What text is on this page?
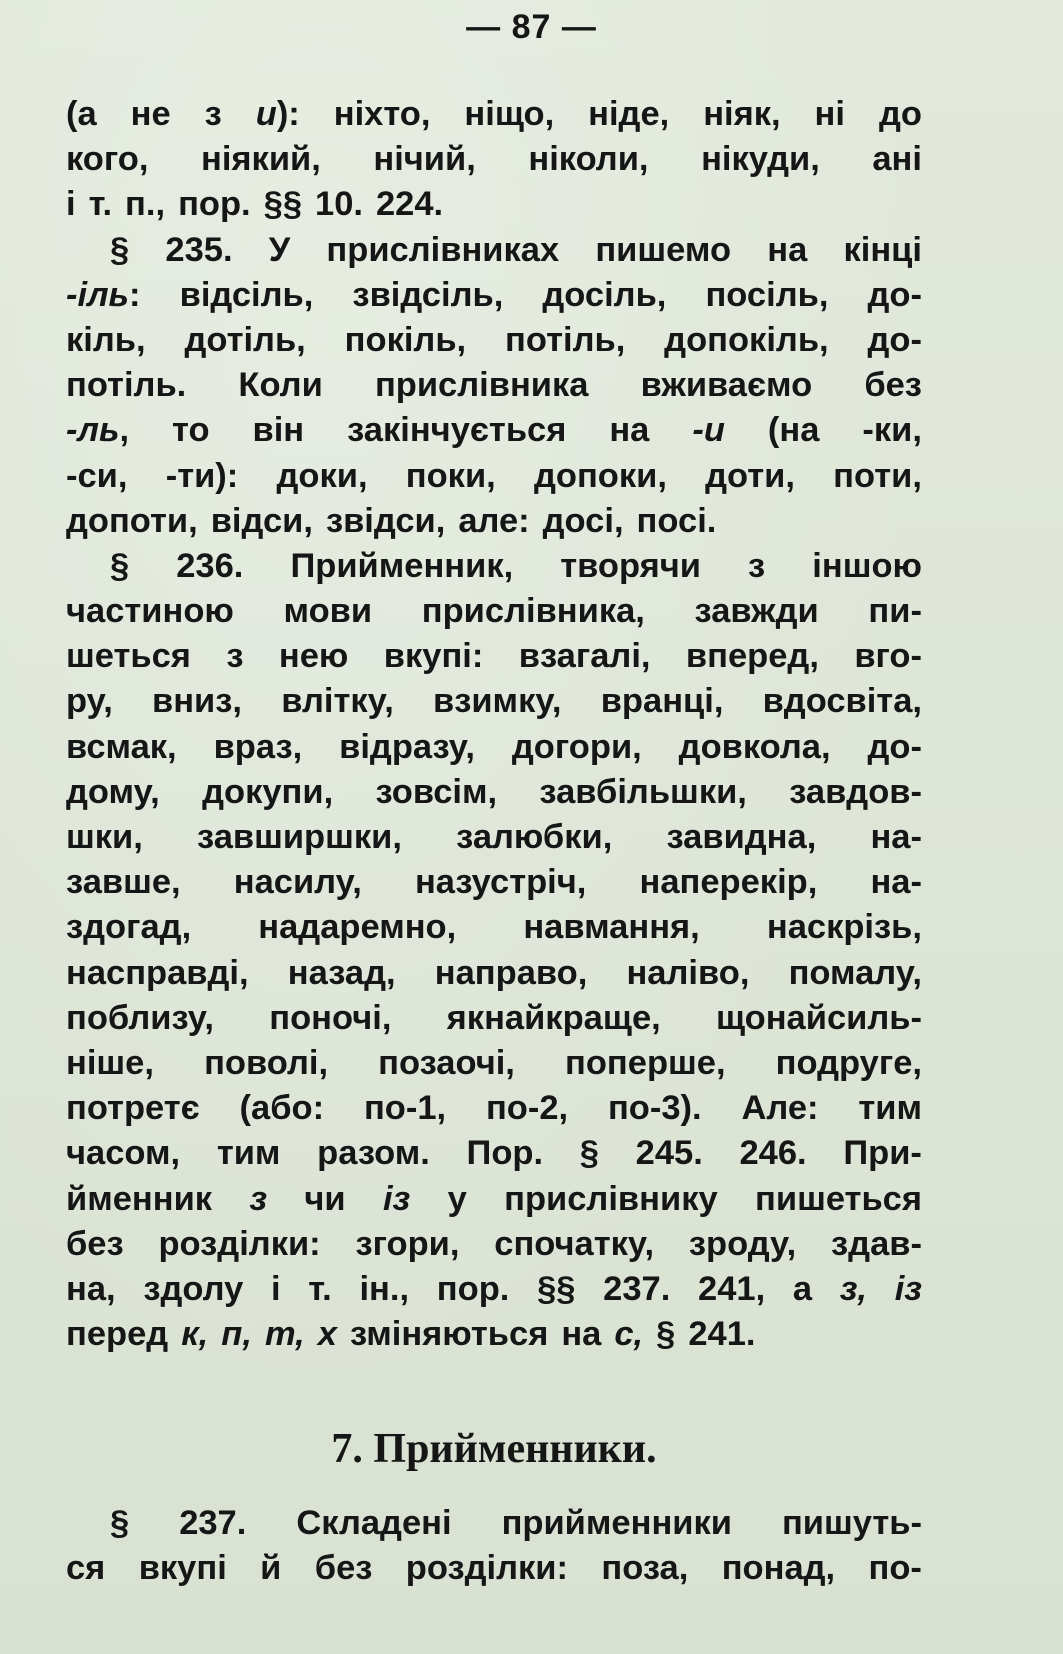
— 87 —
(а не з и): ніхто, нiщо, ніде, ніяк, ні до
кого, ніякий, нічий, ніколи, нікуди, ані
і т. п., пор. §§ 10. 224.
§ 235. У прислівниках пишемо на кінці
-іль: відсіль, звідсіль, досіль, посіль, до-
кіль, дотіль, покіль, потіль, допокіль, до-
потіль. Коли прислівника вживаємо без
-ль, то він закінчується на -и (на -ки,
-си, -ти): доки, поки, допоки, доти, поти,
допоти, відси, звідси, але: досі, посі.
§ 236. Прийменник, творячи з іншою
частиною мови прислівника, завжди пи-
шеться з нею вкупі: взагалі, вперед, вго-
ру, вниз, влітку, взимку, вранці, вдосвіта,
всмак, враз, відразу, догори, довкола, до-
дому, докупи, зовсім, завбільшки, завдов-
шки, завширшки, залюбки, завидна, на-
завше, насилу, назустріч, наперекір, на-
здогад, надаремно, навмання, наскрізь,
насправді, назад, направо, наліво, помалу,
поблизу, поночі, якнайкраще, щонайсиль-
ніше, поволі, позаочі, поперше, подруге,
потретє (або: по-1, по-2, по-3). Але: тим
часом, тим разом. Пор. § 245. 246. При-
йменник з чи із у прислівнику пишеться
без розділки: згори, спочатку, зроду, здав-
на, здолу і т. ін., пор. §§ 237. 241, а з, із
перед к, п, т, х зміняються на с, § 241.
7. Прийменники.
§ 237. Складені прийменники пишуть-
ся вкупі й без розділки: поза, понад, по-
